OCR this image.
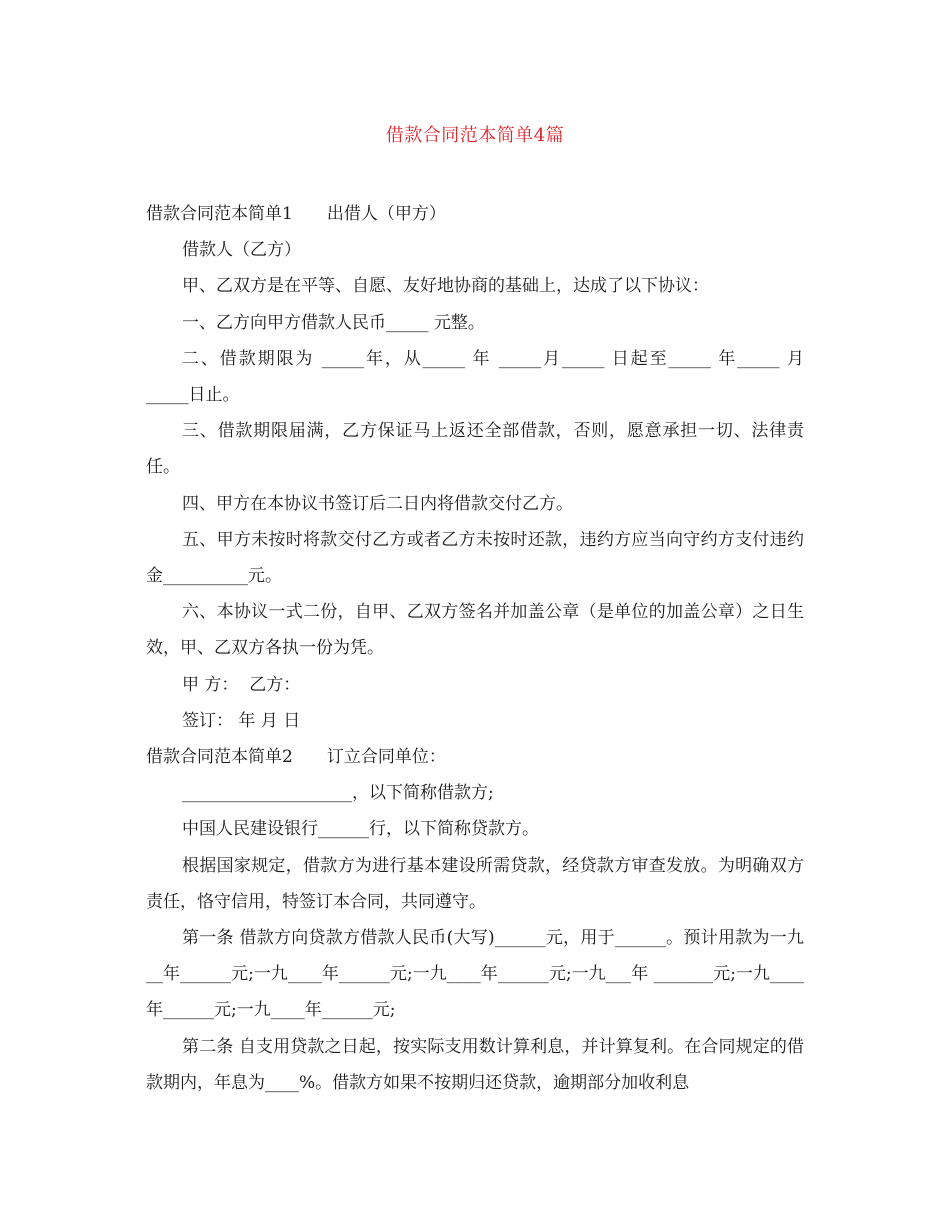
借款合同范本简单4篇

借款合同范本简单1　　出借人（甲方）

借款人（乙方）

甲、乙双方是在平等、自愿、友好地协商的基础上，达成了以下协议：

一、乙方向甲方借款人民币_____ 元整。

二、借款期限为 _____年，从_____ 年 _____月_____ 日起至_____ 年_____ 月 _____日止。

三、借款期限届满，乙方保证马上返还全部借款，否则，愿意承担一切、法律责任。

四、甲方在本协议书签订后二日内将借款交付乙方。

五、甲方未按时将款交付乙方或者乙方未按时还款，违约方应当向守约方支付违约金__________元。

六、本协议一式二份，自甲、乙双方签名并加盖公章（是单位的加盖公章）之日生效，甲、乙双方各执一份为凭。

甲 方：  乙方：

签订： 年 月 日

借款合同范本简单2　　订立合同单位：

____________________，以下简称借款方;

中国人民建设银行______行，以下简称贷款方。

根据国家规定，借款方为进行基本建设所需贷款，经贷款方审查发放。为明确双方责任，恪守信用，特签订本合同，共同遵守。

第一条 借款方向贷款方借款人民币(大写)______元，用于______。预计用款为一九__年______元;一九____年______元;一九____年______元;一九___年 _______元;一九____年______元;一九____年______元;

第二条 自支用贷款之日起，按实际支用数计算利息，并计算复利。在合同规定的借款期内，年息为____%。借款方如果不按期归还贷款，逾期部分加收利息
